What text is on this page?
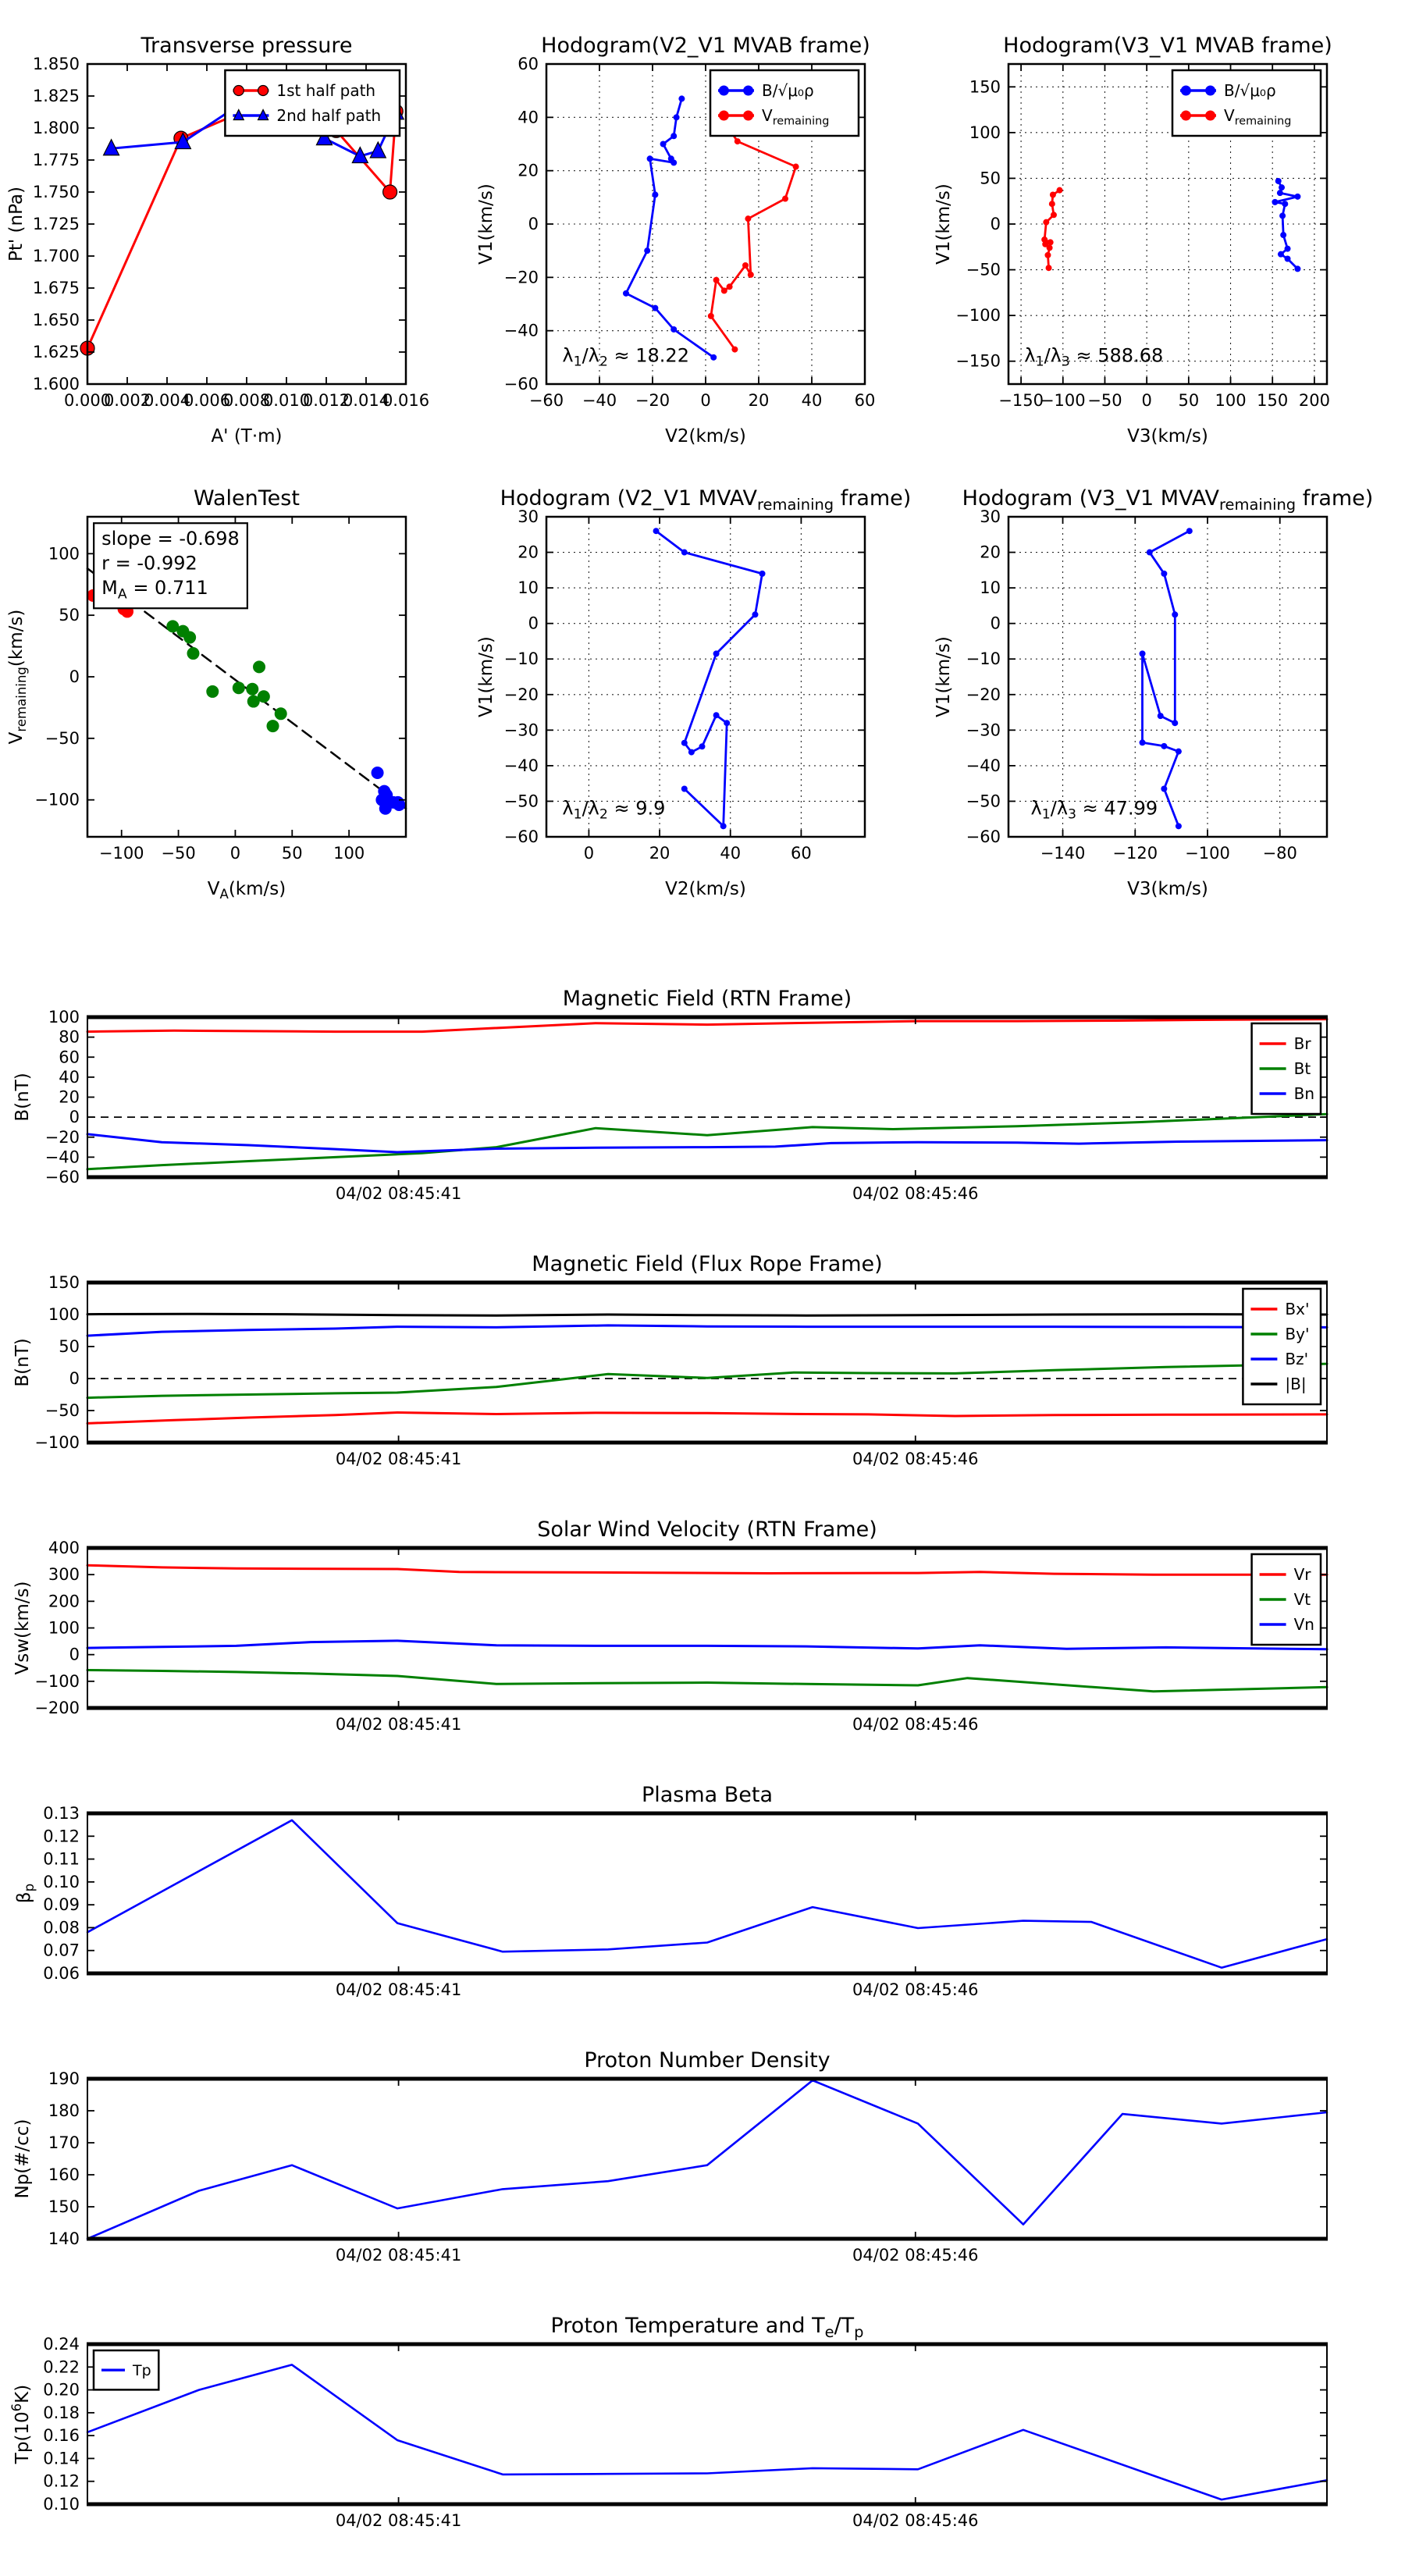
0.000
0.002
0.004
0.006
0.008
0.010
0.012
0.014
0.016
1.600
1.625
1.650
1.675
1.700
1.725
1.750
1.775
1.800
1.825
1.850
Transverse pressure
A' (T·m)
Pt' (nPa)
1st half path
2nd half path
−60 −40 −20 0 20 40 60
−60
−40
−20
0
20
40
60
Hodogram(V2_V1 MVAB frame)
V2(km/s)
V1(km/s)
$\lambda_1/\lambda_2 \approx 18.22$
B/√μ₀ρ
$V_{remaining}$
−150
−100 −50 0 50 100 150 200
−150
−100
−50
0
50
100
150
Hodogram(V3_V1 MVAB frame)
V3(km/s)
V1(km/s)
$\lambda_1/\lambda_3 \approx 588.68$
B/√μ₀ρ
$V_{remaining}$
−100 −50 0	50 100
−100
−50
0
50
100
WalenTest
$V_A(km/s)$
$V_{remaining}(km/s)$
slope = -0.698
r = -0.992
$M_A = 0.711$
0	20	40	60
−60
−50
−40
−30
−20
−10
0
10
20
30
Hodogram (V2_V1 $MVAV_{remaining}$ frame)
V2(km/s)
V1(km/s)
$\lambda_1/\lambda_2 \approx 9.9$
−140 −120 −100 −80
−60
−50
−40
−30
−20
−10
0
10
20
30
Hodogram (V3_V1 $MVAV_{remaining}$ frame)
V3(km/s)
V1(km/s)
$\lambda_1/\lambda_3 \approx 47.99$
04/02 08:45:41	04/02 08:45:46
−60
−40
−20
0
20
40
60
80
100
Magnetic Field (RTN Frame)
B(nT)
Br
Bt
Bn
04/02 08:45:41	04/02 08:45:46
−100
−50
0
50
100
150
Magnetic Field (Flux Rope Frame)
B(nT)
Bx'
By'
Bz'
|B|
04/02 08:45:41	04/02 08:45:46
−200
−100
0
100
200
300
400
Solar Wind Velocity (RTN Frame)
Vsw(km/s)
Vr
Vt
Vn
04/02 08:45:41	04/02 08:45:46
0.06
0.07
0.08
0.09
0.10
0.11
0.12
0.13
Plasma Beta
$\beta_p$
04/02 08:45:41	04/02 08:45:46
140
150
160
170
180
190
Proton Number Density
Np(#/cc)
04/02 08:45:41	04/02 08:45:46
0.10
0.12
0.14
0.16
0.18
0.20
0.22
0.24
Proton Temperature and $T_e/T_p$
$Tp(10^6K)$
Tp
